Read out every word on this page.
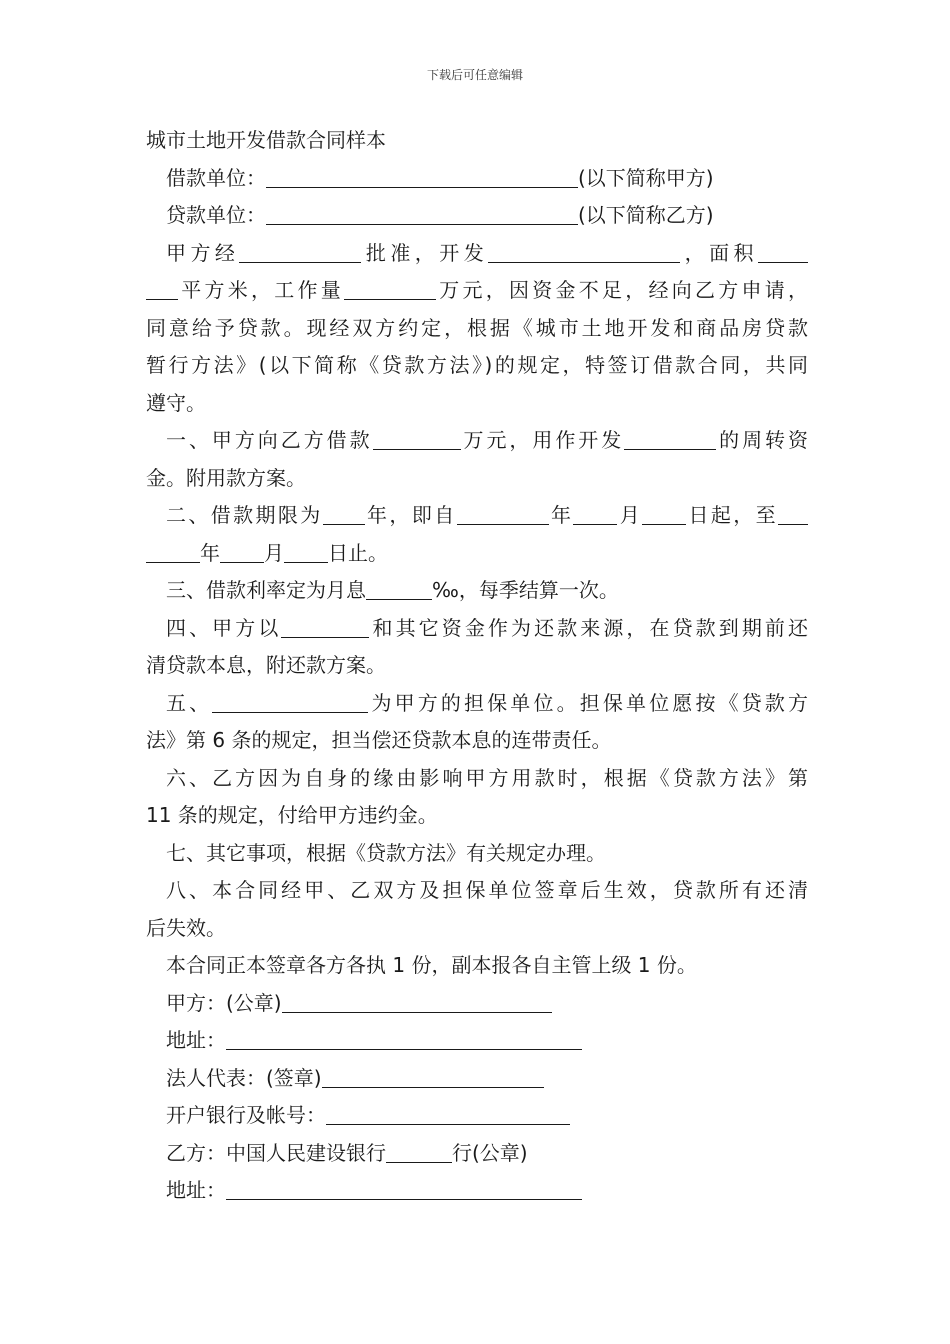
下载后可任意编辑
城市土地开发借款合同样本
借款单位：	(以下简称甲方)
贷款单位：	(以下简称乙方)
甲方经	批准，开发	，面积
平方米，工作量	万元，因资金不足，经向乙方申请，
同意给予贷款。现经双方约定，根据《城市土地开发和商品房贷款
暂行方法》(以下简称《贷款方法》)的规定，特签订借款合同，共同
遵守。
一、甲方向乙方借款	万元，用作开发	的周转资
金。附用款方案。
二、借款期限为 年，即自	年 月 日起，至
年 月 日止。
三、借款利率定为月息	‰，每季结算一次。
四、甲方以	和其它资金作为还款来源，在贷款到期前还
清贷款本息，附还款方案。
五、	为甲方的担保单位。担保单位愿按《贷款方
法》第 6 条的规定，担当偿还贷款本息的连带责任。
六、乙方因为自身的缘由影响甲方用款时，根据《贷款方法》第
11 条的规定，付给甲方违约金。
七、其它事项，根据《贷款方法》有关规定办理。
八、本合同经甲、乙双方及担保单位签章后生效，贷款所有还清
后失效。
本合同正本签章各方各执 1 份，副本报各自主管上级 1 份。
甲方：(公章)
地址：
法人代表：(签章)
开户银行及帐号：
乙方：中国人民建设银行	行(公章)
地址：
